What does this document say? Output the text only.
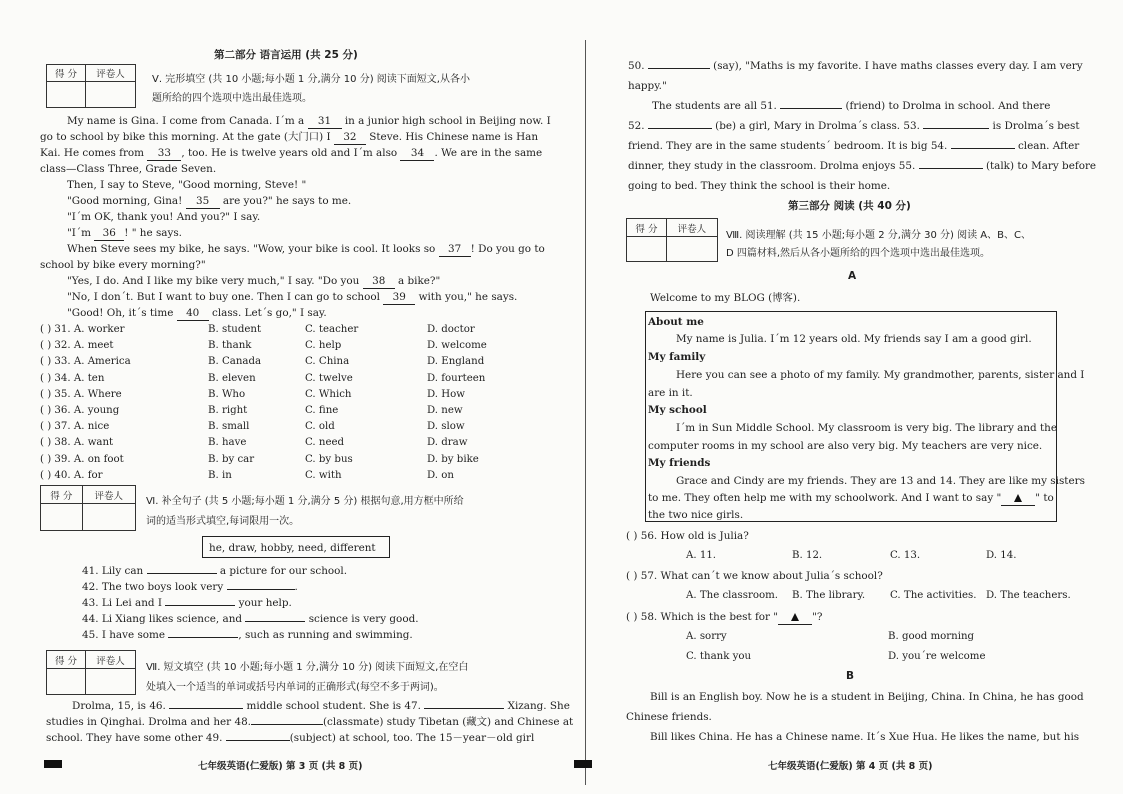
第二部分 语言运用 (共 25 分)
得 分	评卷人
		Ⅴ. 完形填空 (共 10 小题;每小题 1 分,满分 10 分) 阅读下面短文,从各小
题所给的四个选项中选出最佳选项。
My name is Gina. I come from Canada. I´m a 31 in a junior high school in Beijing now. I
go to school by bike this morning. At the gate (大门口) I 32 Steve. His Chinese name is Han
Kai. He comes from 33 , too. He is twelve years old and I´m also 34 . We are in the same
class—Class Three, Grade Seven.
Then, I say to Steve, "Good morning, Steve! "
"Good morning, Gina! 35 are you?" he says to me.
"I´m OK, thank you! And you?" I say.
"I´m 36 ! " he says.
When Steve sees my bike, he says. "Wow, your bike is cool. It looks so 37 ! Do you go to
school by bike every morning?"
"Yes, I do. And I like my bike very much," I say. "Do you 38 a bike?"
"No, I don´t. But I want to buy one. Then I can go to school 39 with you," he says.
"Good! Oh, it´s time 40 class. Let´s go," I say.
( ) 31. A. worker	B. student	C. teacher	D. doctor
( ) 32. A. meet	B. thank	C. help	D. welcome
( ) 33. A. America	B. Canada	C. China	D. England
( ) 34. A. ten	B. eleven	C. twelve	D. fourteen
( ) 35. A. Where	B. Who	C. Which	D. How
( ) 36. A. young	B. right	C. fine	D. new
( ) 37. A. nice	B. small	C. old	D. slow
( ) 38. A. want	B. have	C. need	D. draw
( ) 39. A. on foot	B. by car	C. by bus	D. by bike
( ) 40. A. for	B. in	C. with	D. on
得 分	评卷人
	Ⅵ. 补全句子 (共 5 小题;每小题 1 分,满分 5 分) 根据句意,用方框中所给
词的适当形式填空,每词限用一次。
he, draw, hobby, need, different
41. Lily can	a picture for our school.
42. The two boys look very	.
43. Li Lei and I	your help.
44. Li Xiang likes science, and	science is very good.
45. I have some	, such as running and swimming.
得 分	评卷人

Ⅶ. 短文填空 (共 10 小题;每小题 1 分,满分 10 分) 阅读下面短文,在空白
处填入一个适当的单词或括号内单词的正确形式(每空不多于两词)。
Drolma, 15, is 46.	middle school student. She is 47.	Xizang. She
studies in Qinghai. Drolma and her 48.	(classmate) study Tibetan (藏文) and Chinese at
school. They have some other 49.	(subject) at school, too. The 15－year－old girl
七年级英语(仁爱版) 第 3 页 (共 8 页)
50.	(say), "Maths is my favorite. I have maths classes every day. I am very
happy."
The students are all 51.	(friend) to Drolma in school. And there
52.	(be) a girl, Mary in Drolma´s class. 53.	is Drolma´s best
friend. They are in the same students´ bedroom. It is big 54.	clean. After
dinner, they study in the classroom. Drolma enjoys 55.	(talk) to Mary before
going to bed. They think the school is their home.
第三部分 阅读 (共 40 分)
得 分	评卷人

Ⅷ. 阅读理解 (共 15 小题;每小题 2 分,满分 30 分) 阅读 A、B、C、
D 四篇材料,然后从各小题所给的四个选项中选出最佳选项。
A
Welcome to my BLOG (博客).
About me
My name is Julia. I´m 12 years old. My friends say I am a good girl.
My family
Here you can see a photo of my family. My grandmother, parents, sister and I
are in it.
My school
I´m in Sun Middle School. My classroom is very big. The library and the
computer rooms in my school are also very big. My teachers are very nice.
My friends
Grace and Cindy are my friends. They are 13 and 14. They are like my sisters
to me. They often help me with my schoolwork. And I want to say "	" to
the two nice girls.
( ) 56. How old is Julia?
A. 11.	B. 12.	C. 13.	D. 14.
( ) 57. What can´t we know about Julia´s school?
A. The classroom. B. The library. C. The activities. D. The teachers.
( ) 58. Which is the best for "	"?
A. sorry	B. good morning
C. thank you	D. you´re welcome
B
Bill is an English boy. Now he is a student in Beijing, China. In China, he has good
Chinese friends.
Bill likes China. He has a Chinese name. It´s Xue Hua. He likes the name, but his
七年级英语(仁爱版) 第 4 页 (共 8 页)
